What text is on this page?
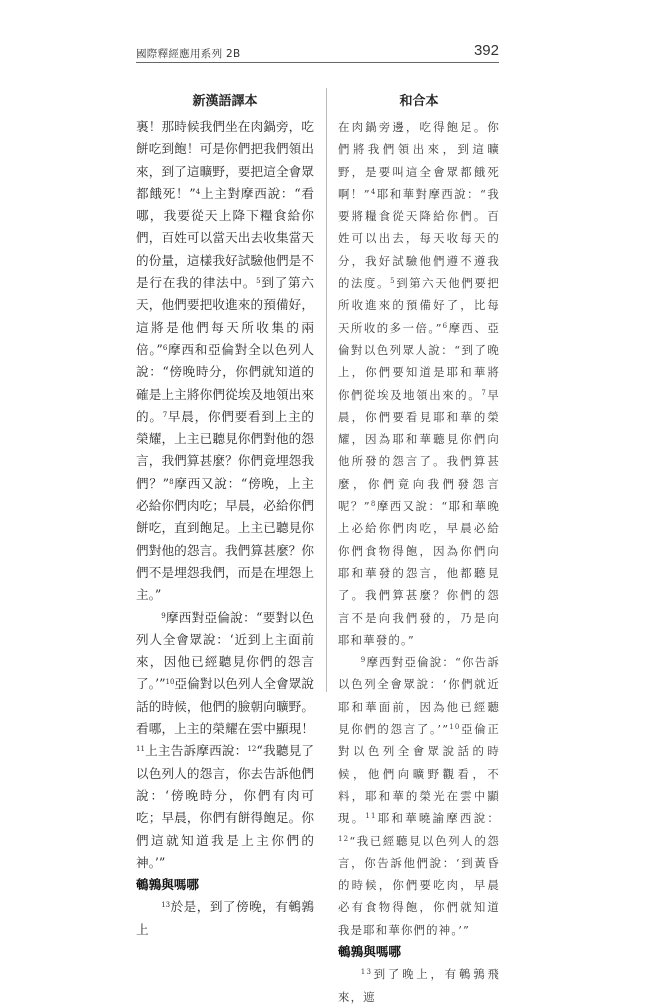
國際釋經應用系列 2B	392
新漢語譯本	和合本

裏！那時候我們坐在肉鍋旁，吃餅吃到飽！可是你們把我們領出來，到了這曠野，要把這全會眾都餓死！”$^4$上主對摩西說：“看哪，我要從天上降下糧食給你們，百姓可以當天出去收集當天的份量，這樣我好試驗他們是不是行在我的律法中。$^5$到了第六天，他們要把收進來的預備好，這將是他們每天所收集的兩倍。”$^6$摩西和亞倫對全以色列人說：“傍晚時分，你們就知道的確是上主將你們從埃及地領出來的。$^7$早晨，你們要看到上主的榮耀，上主已聽見你們對他的怨言，我們算甚麼？你們竟埋怨我們？”$^8$摩西又說：“傍晚，上主必給你們肉吃；早晨，必給你們餅吃，直到飽足。上主已聽見你們對他的怨言。我們算甚麼？你們不是埋怨我們，而是在埋怨上主。”

$^9$摩西對亞倫說：“要對以色列人全會眾說：‘近到上主面前來，因他已經聽見你們的怨言了。’”$^{10}$亞倫對以色列人全會眾說話的時候，他們的臉朝向曠野。看哪，上主的榮耀在雲中顯現！$^{11}$上主告訴摩西說：$^{12}$“我聽見了以色列人的怨言，你去告訴他們說：‘傍晚時分，你們有肉可吃；早晨，你們有餅得飽足。你們這就知道我是上主你們的神。’”

鵪鶉與嗎哪

$^{13}$於是，到了傍晚，有鵪鶉上

在肉鍋旁邊，吃得飽足。你們將我們領出來，到這曠野，是要叫這全會眾都餓死啊！”$^4$耶和華對摩西說：“我要將糧食從天降給你們。百姓可以出去，每天收每天的分，我好試驗他們遵不遵我的法度。$^5$到第六天他們要把所收進來的預備好了，比每天所收的多一倍。”$^6$摩西、亞倫對以色列眾人說：“到了晚上，你們要知道是耶和華將你們從埃及地領出來的。$^7$早晨，你們要看見耶和華的榮耀，因為耶和華聽見你們向他所發的怨言了。我們算甚麼，你們竟向我們發怨言呢？”$^8$摩西又說：“耶和華晚上必給你們肉吃，早晨必給你們食物得飽，因為你們向耶和華發的怨言，他都聽見了。我們算甚麼？你們的怨言不是向我們發的，乃是向耶和華發的。”

$^9$摩西對亞倫說：“你告訴以色列全會眾說：‘你們就近耶和華面前，因為他已經聽見你們的怨言了。’”$^{10}$亞倫正對以色列全會眾說話的時候，他們向曠野觀看，不料，耶和華的榮光在雲中顯現。$^{11}$耶和華曉諭摩西說：$^{12}$“我已經聽見以色列人的怨言，你告訴他們說：‘到黃昏的時候，你們要吃肉，早晨必有食物得飽，你們就知道我是耶和華你們的神。’”

鵪鶉與嗎哪

$^{13}$到了晚上，有鵪鶉飛來，遮
